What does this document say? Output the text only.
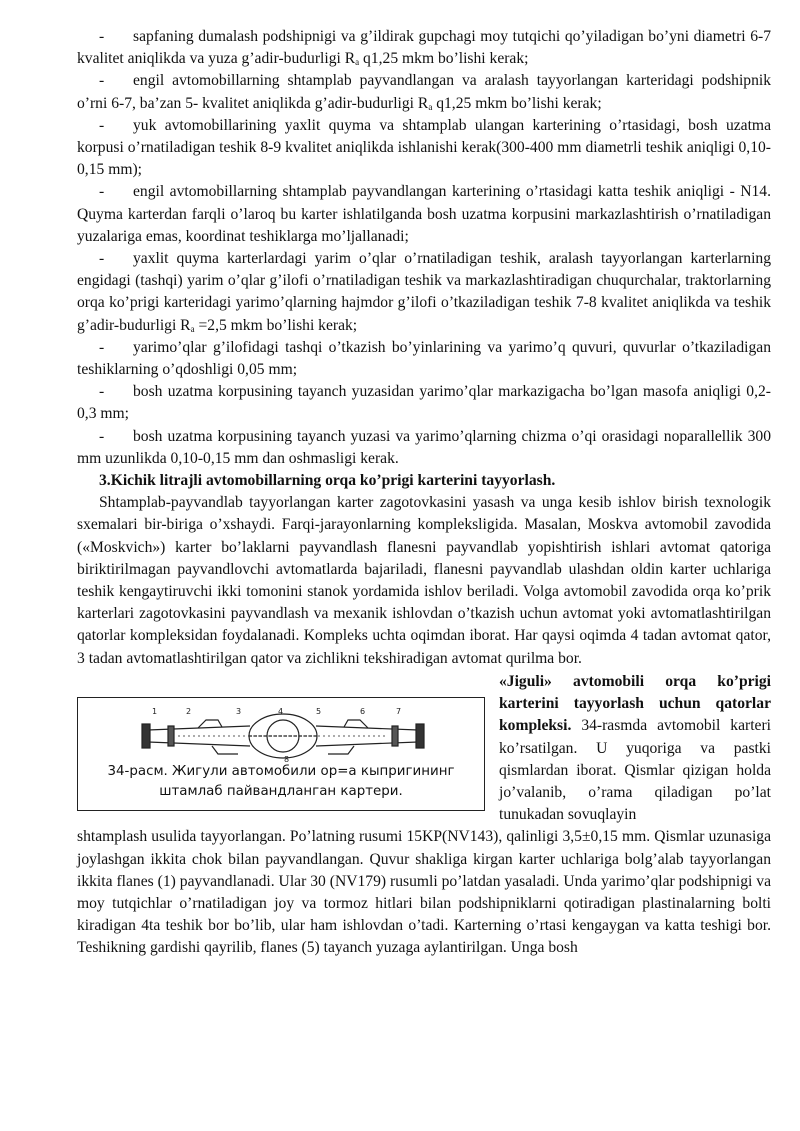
- sapfaning dumalash podshipnigi va g’ildirak gupchagi moy tutqichi qo’yiladigan bo’yni diametri 6-7 kvalitet aniqlikda va yuza g’adir-budurligi $R_a$ q1,25 mkm bo’lishi kerak;

- engil avtomobillarning shtamplab payvandlangan va aralash tayyorlangan karteridagi podshipnik o’rni 6-7, ba’zan 5- kvalitet aniqlikda g’adir-budurligi $R_a$ q1,25 mkm bo’lishi kerak;

- yuk avtomobillarining yaxlit quyma va shtamplab ulangan karterining o’rtasidagi, bosh uzatma korpusi o’rnatiladigan teshik 8-9 kvalitet aniqlikda ishlanishi kerak(300-400 mm diametrli teshik aniqligi 0,10-0,15 mm);

- engil avtomobillarning shtamplab payvandlangan karterining o’rtasidagi katta teshik aniqligi - N14. Quyma karterdan farqli o’laroq bu karter ishlatilganda bosh uzatma korpusini markazlashtirish o’rnatiladigan yuzalariga emas, koordinat teshiklarga mo’ljallanadi;

- yaxlit quyma karterlardagi yarim o’qlar o’rnatiladigan teshik, aralash tayyorlangan karterlarning engidagi (tashqi) yarim o’qlar g’ilofi o’rnatiladigan teshik va markazlashtiradigan chuqurchalar, traktorlarning orqa ko’prigi karteridagi yarimo’qlarning hajmdor g’ilofi o’tkaziladigan teshik 7-8 kvalitet aniqlikda va teshik g’adir-budurligi $R_a =2,5$ mkm bo’lishi kerak;

- yarimo’qlar g’ilofidagi tashqi o’tkazish bo’yinlarining va yarimo’q quvuri, quvurlar o’tkaziladigan teshiklarning o’qdoshligi 0,05 mm;

- bosh uzatma korpusining tayanch yuzasidan yarimo’qlar markazigacha bo’lgan masofa aniqligi 0,2-0,3 mm;

- bosh uzatma korpusining tayanch yuzasi va yarimo’qlarning chizma o’qi orasidagi noparallellik 300 mm uzunlikda 0,10-0,15 mm dan oshmasligi kerak.

3.Kichik litrajli avtomobillarning orqa ko’prigi karterini tayyorlash.

Shtamplab-payvandlab tayyorlangan karter zagotovkasini yasash va unga kesib ishlov birish texnologik sxemalari bir-biriga o’xshaydi. Farqi-jarayonlarning kompleksligida. Masalan, Moskva avtomobil zavodida («Moskvich») karter bo’laklarni payvandlash flanesni payvandlab yopishtirish ishlari avtomat qatoriga biriktirilmagan payvandlovchi avtomatlarda bajariladi, flanesni payvandlab ulashdan oldin karter uchlariga teshik kengaytiruvchi ikki tomonini stanok yordamida ishlov beriladi. Volga avtomobil zavodida orqa ko’prik karterlari zagotovkasini payvandlash va mexanik ishlovdan o’tkazish uchun avtomat yoki avtomatlashtirilgan qatorlar kompleksidan foydalanadi. Kompleks uchta oqimdan iborat. Har qaysi oqimda 4 tadan avtomat qator, 3 tadan avtomatlashtirilgan qator va zichlikni tekshiradigan avtomat qurilma bor.

1	2	3	4	5	6	7
8
34-расм. Жигули автомобили ор=а кыпригининг
штамлаб пайвандланган картери.
«Jiguli» avtomobili orqa ko’prigi karterini tayyorlash uchun qatorlar kompleksi. 34-rasmda avtomobil karteri ko’rsatilgan. U yuqoriga va pastki qismlardan iborat. Qismlar qizigan holda jo’valanib, o’rama qiladigan po’lat tunukadan sovuqlayin

shtamplash usulida tayyorlangan. Po’latning rusumi 15KP(NV143), qalinligi 3,5±0,15 mm. Qismlar uzunasiga joylashgan ikkita chok bilan payvandlangan. Quvur shakliga kirgan karter uchlariga bolg’alab tayyorlangan ikkita flanes (1) payvandlanadi. Ular 30 (NV179) rusumli po’latdan yasaladi. Unda yarimo’qlar podshipnigi va moy tutqichlar o’rnatiladigan joy va tormoz hitlari bilan podshipniklarni qotiradigan plastinalarning bolti kiradigan 4ta teshik bor bo’lib, ular ham ishlovdan o’tadi. Karterning o’rtasi kengaygan va katta teshigi bor. Teshikning gardishi qayrilib, flanes (5) tayanch yuzaga aylantirilgan. Unga bosh
